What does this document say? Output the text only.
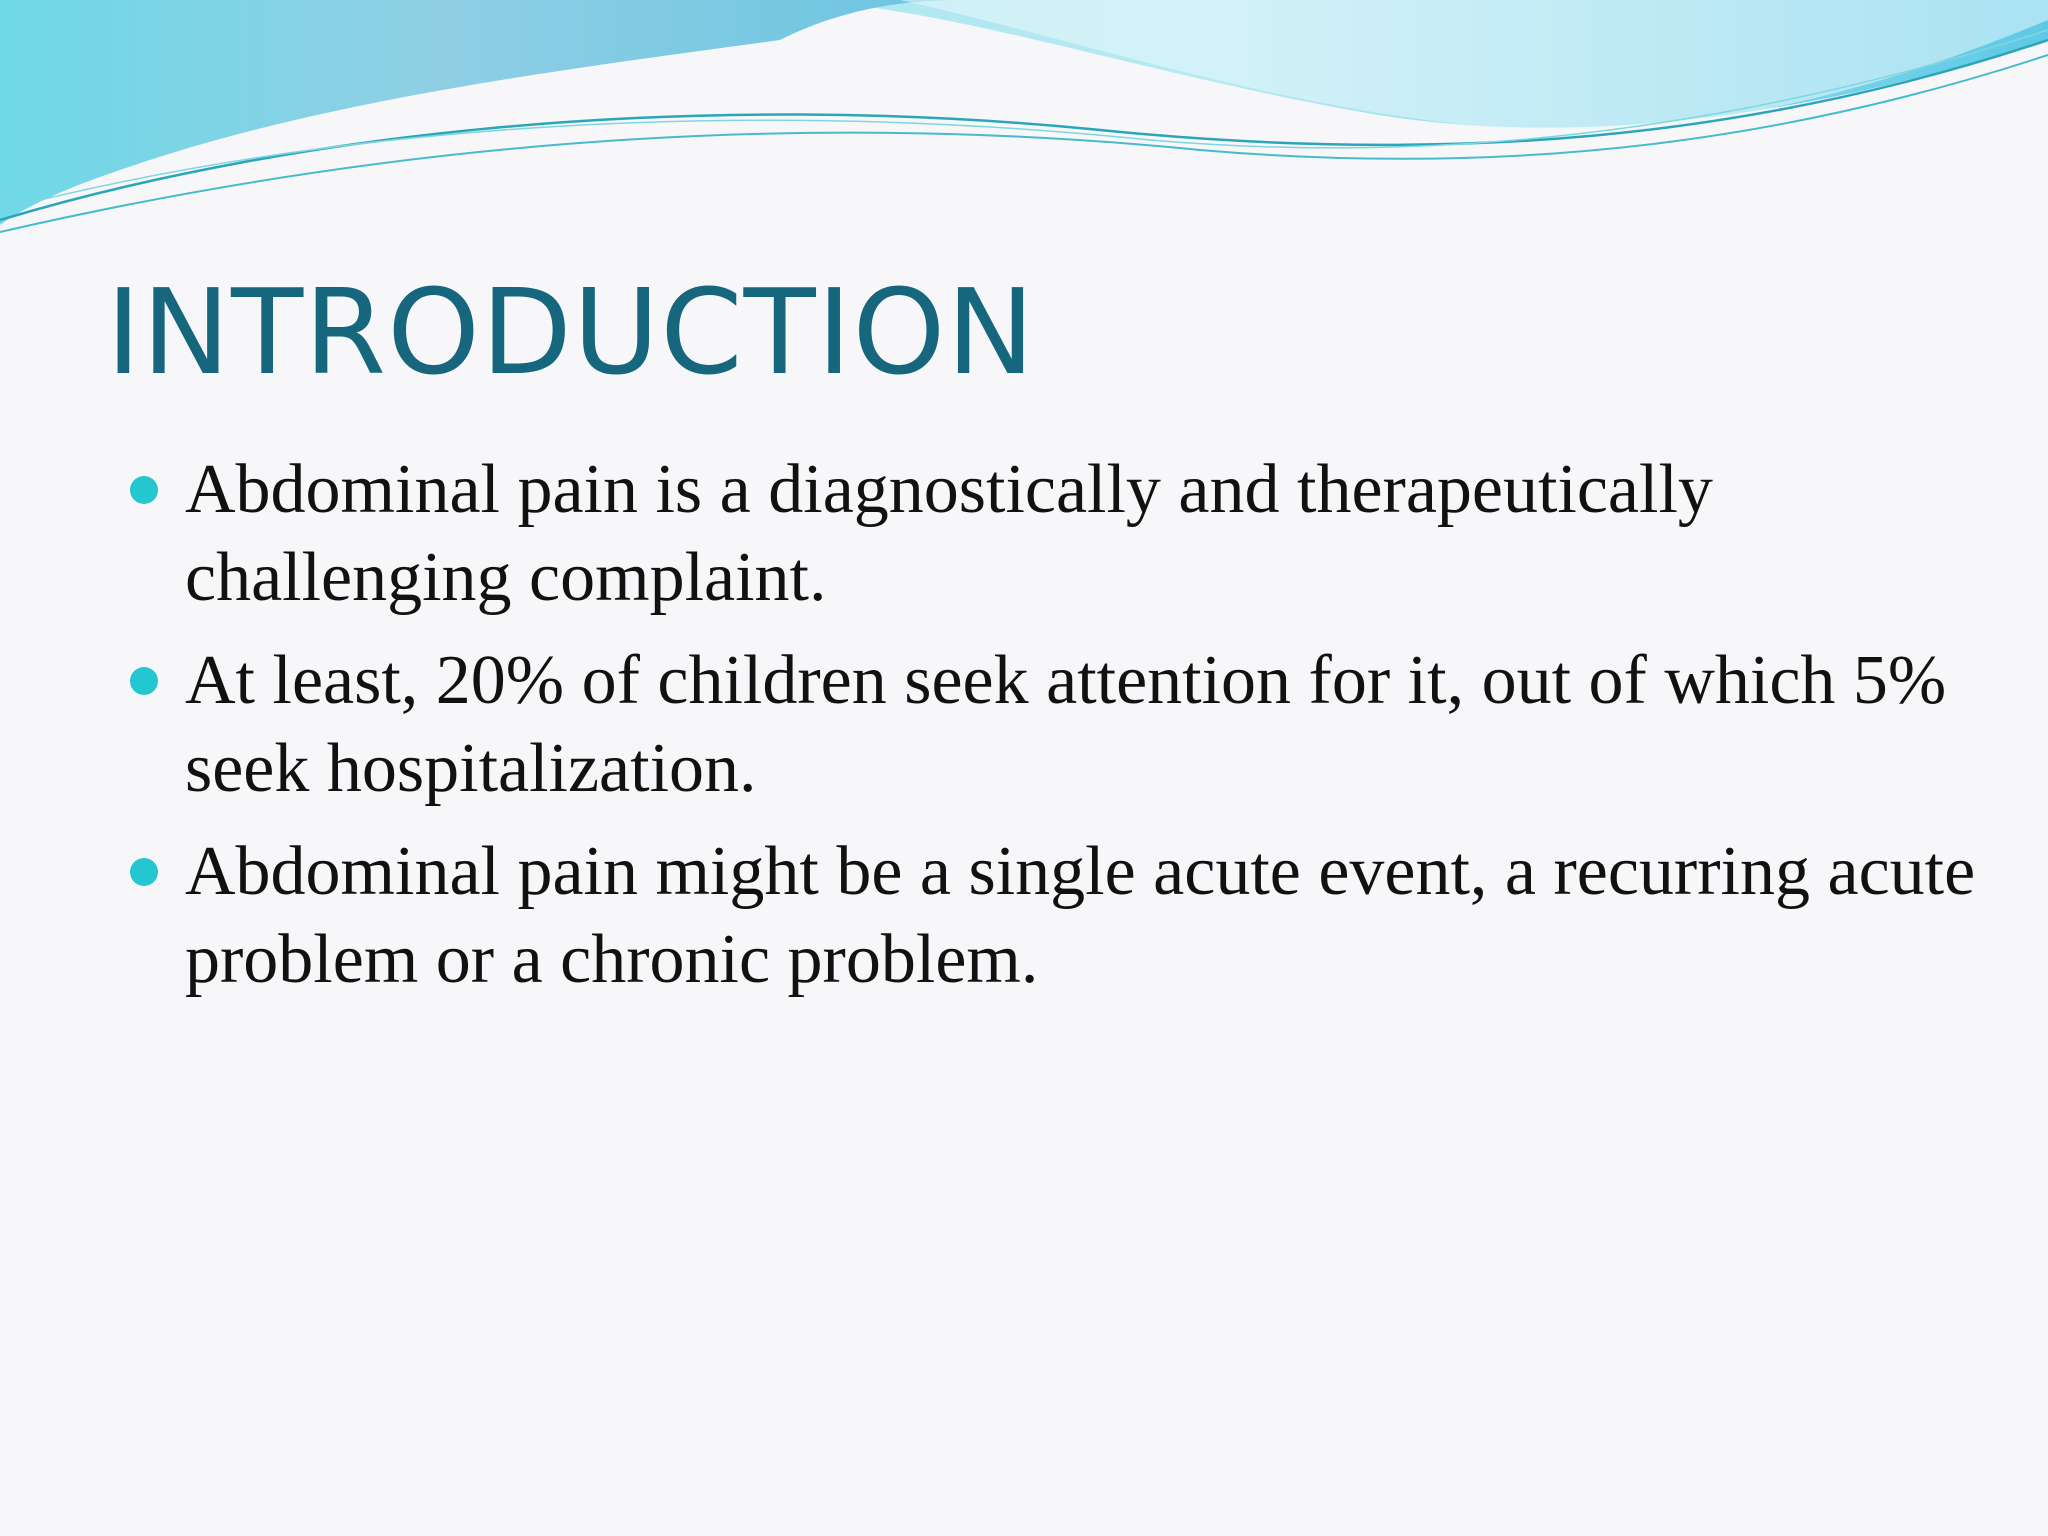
INTRODUCTION
Abdominal pain is a diagnostically and therapeutically challenging complaint.
At least, 20% of children seek attention for it, out of which 5% seek hospitalization.
Abdominal pain might be a single acute event, a recurring acute problem or a chronic problem.
